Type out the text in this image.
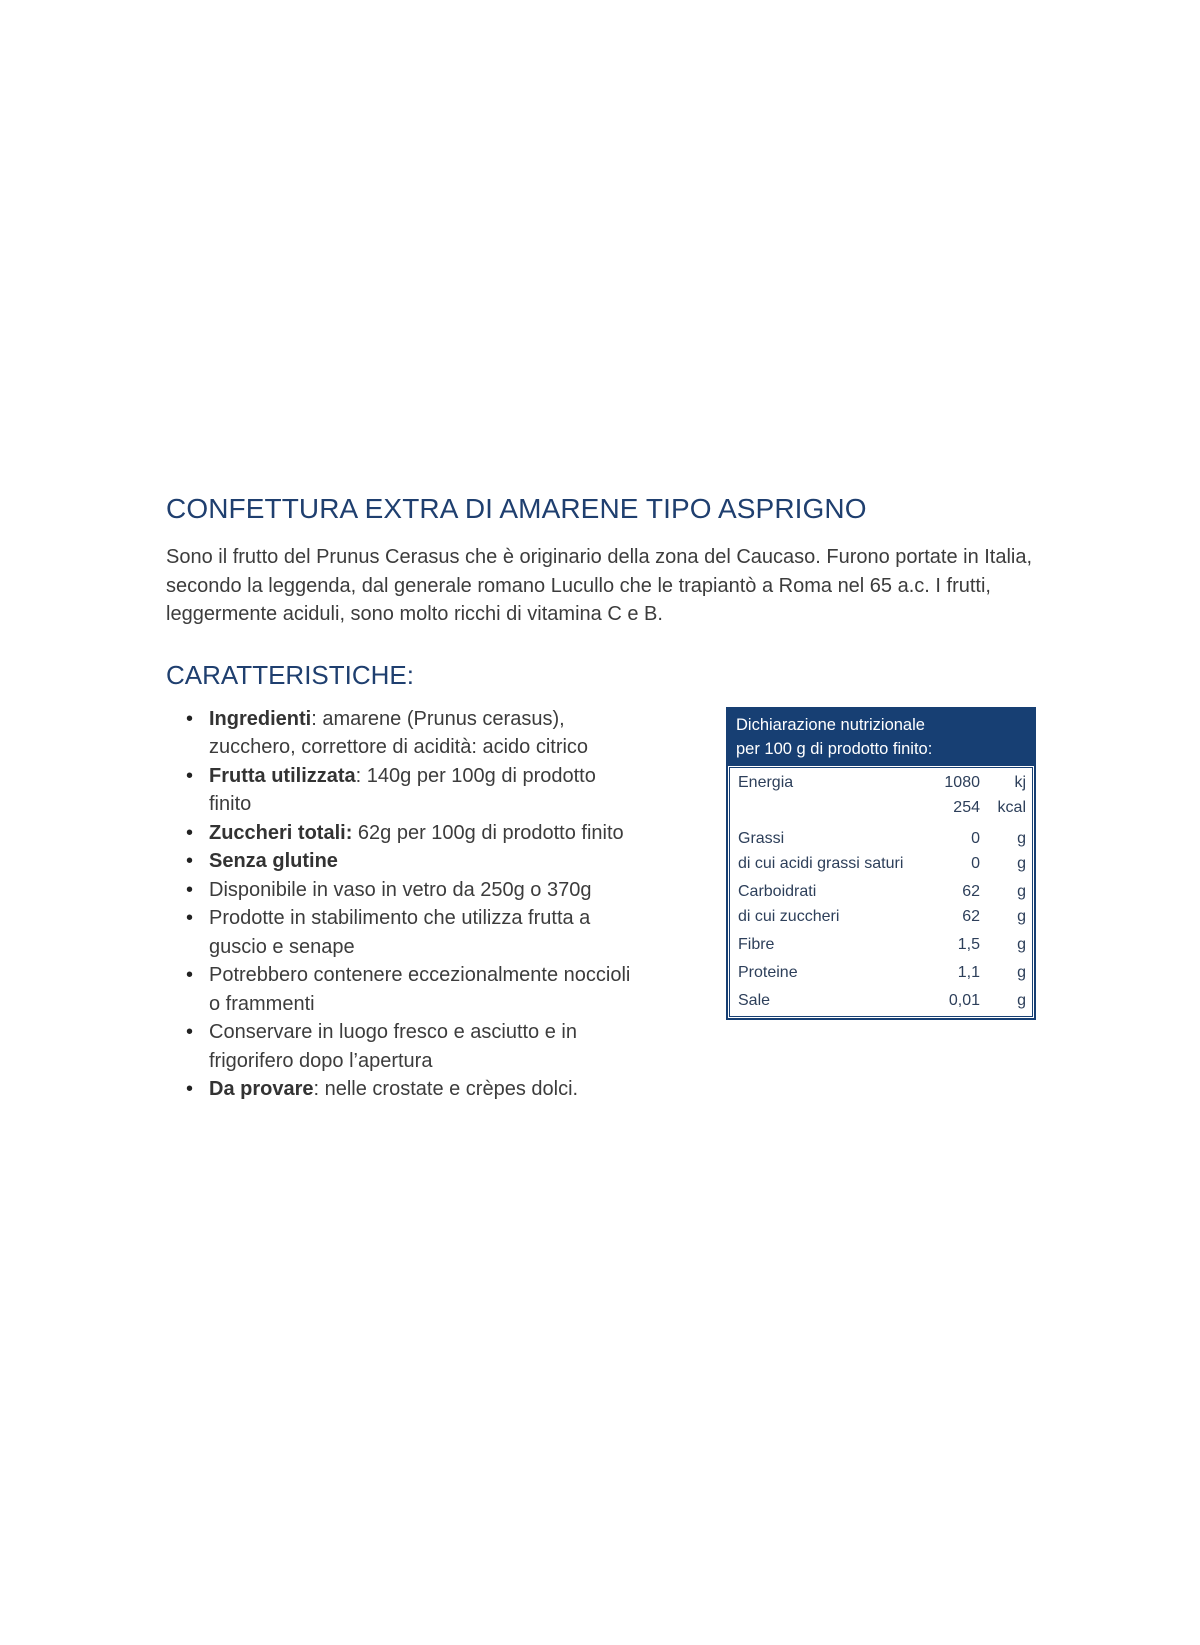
CONFETTURA EXTRA DI AMARENE TIPO ASPRIGNO

Sono il frutto del Prunus Cerasus che è originario della zona del Caucaso. Furono portate in Italia, secondo la leggenda, dal generale romano Lucullo che le trapiantò a Roma nel 65 a.c. I frutti, leggermente aciduli, sono molto ricchi di vitamina C e B.

CARATTERISTICHE:
• Ingredienti: amarene (Prunus cerasus), zucchero, correttore di acidità: acido citrico
• Frutta utilizzata: 140g per 100g di prodotto finito
• Zuccheri totali: 62g per 100g di prodotto finito
• Senza glutine
• Disponibile in vaso in vetro da 250g o 370g
• Prodotte in stabilimento che utilizza frutta a guscio e senape
• Potrebbero contenere eccezionalmente noccioli o frammenti
• Conservare in luogo fresco e asciutto e in frigorifero dopo l’apertura
• Da provare: nelle crostate e crèpes dolci.
Dichiarazione nutrizionale
per 100 g di prodotto finito:
Energia	1080	kj
254	kcal
Grassi	0	g
di cui acidi grassi saturi	0	g
Carboidrati	62	g
di cui zuccheri	62	g
Fibre	1,5	g
Proteine	1,1	g
Sale	0,01	g
